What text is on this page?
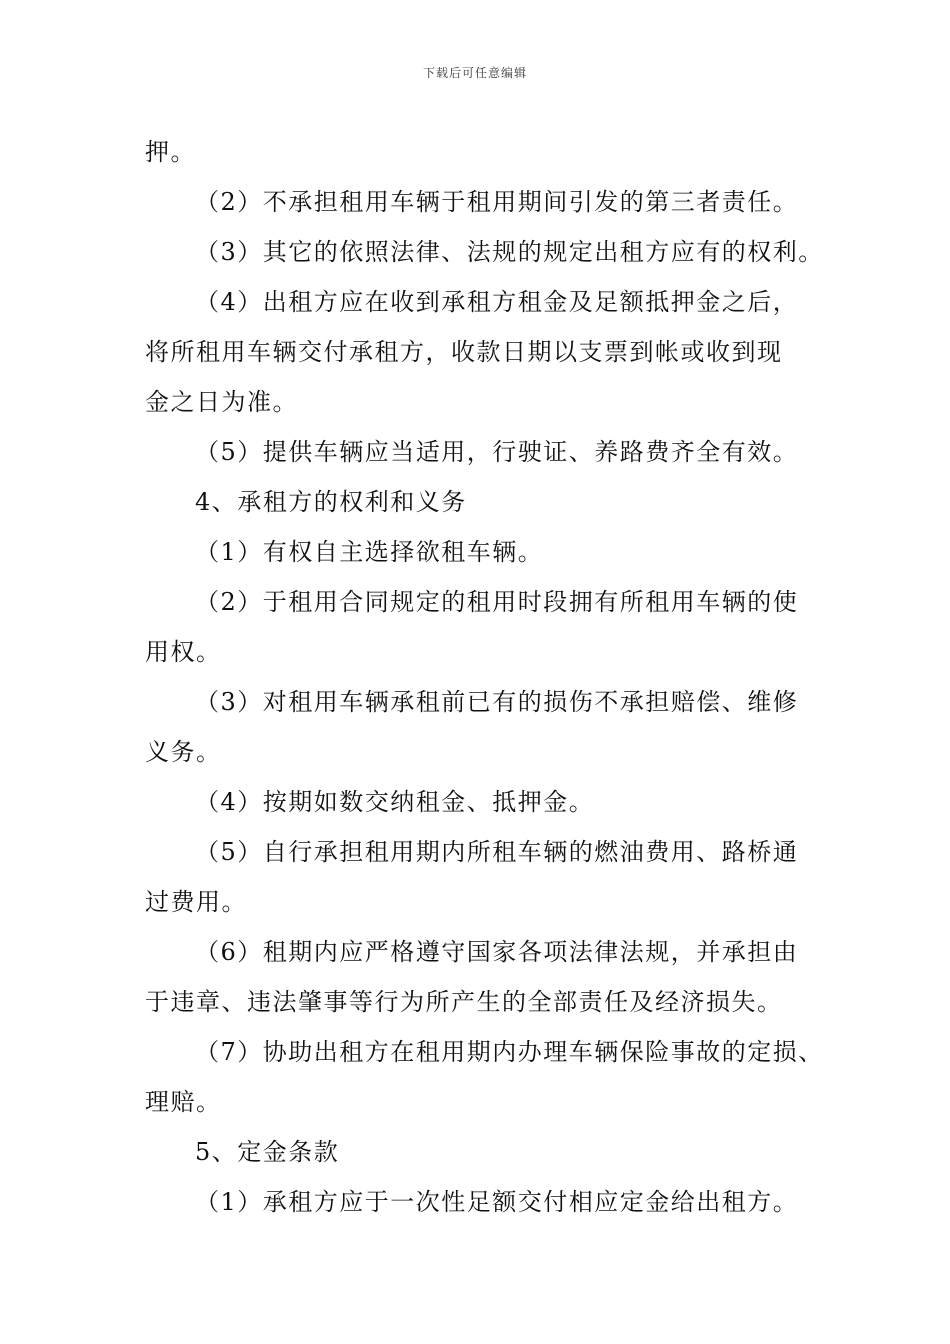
下载后可任意编辑
押。
（2）不承担租用车辆于租用期间引发的第三者责任。
（3）其它的依照法律、法规的规定出租方应有的权利。
（4）出租方应在收到承租方租金及足额抵押金之后，
将所租用车辆交付承租方，收款日期以支票到帐或收到现
金之日为准。
（5）提供车辆应当适用，行驶证、养路费齐全有效。
4、承租方的权利和义务
（1）有权自主选择欲租车辆。
（2）于租用合同规定的租用时段拥有所租用车辆的使
用权。
（3）对租用车辆承租前已有的损伤不承担赔偿、维修
义务。
（4）按期如数交纳租金、抵押金。
（5）自行承担租用期内所租车辆的燃油费用、路桥通
过费用。
（6）租期内应严格遵守国家各项法律法规，并承担由
于违章、违法肇事等行为所产生的全部责任及经济损失。
（7）协助出租方在租用期内办理车辆保险事故的定损、
理赔。
5、定金条款
（1）承租方应于一次性足额交付相应定金给出租方。
